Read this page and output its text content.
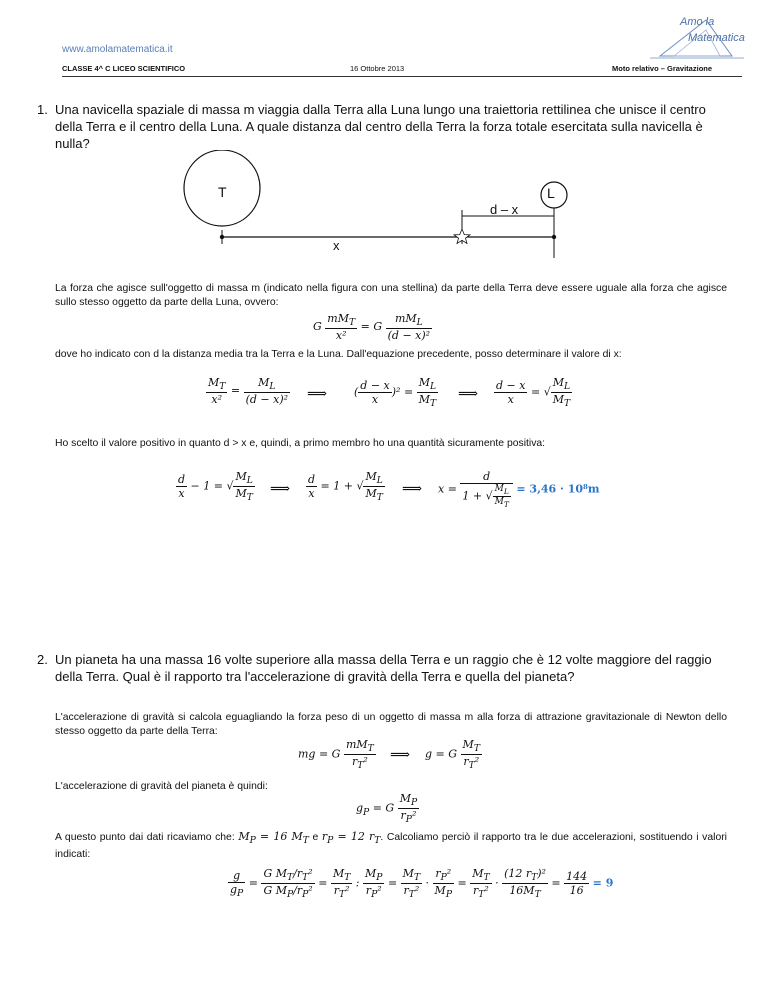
www.amolamatematica.it
CLASSE 4^ C LICEO SCIENTIFICO	16 Ottobre 2013	Moto relativo – Gravitazione
Amo la
Matematica
1. Una navicella spaziale di massa m viaggia dalla Terra alla Luna lungo una traiettoria rettilinea che unisce il centro della Terra e il centro della Luna. A quale distanza dal centro della Terra la forza totale esercitata sulla navicella è nulla?
T	L
d – x
x
La forza che agisce sull'oggetto di massa m (indicato nella figura con una stellina) da parte della Terra deve essere uguale alla forza che agisce sullo stesso oggetto da parte della Luna, ovvero:
G $\frac{mM_T}{\text{x²}} = G \frac{mM_L}{\text{(d − x)²}}$
dove ho indicato con d la distanza media tra la Terra e la Luna. Dall'equazione precedente, posso determinare il valore di x:
$\frac{M_T}{\text{x²}} = \frac{M_L}{\text{(d − x)²}}$ ⟹ ( $\frac{d - x}{x} )^2 = \frac{M_L}{M_T}$ ⟹ $\frac{d - x}{x}$ = √ $\frac{M_L}{M_T}$
Ho scelto il valore positivo in quanto d > x e, quindi, a primo membro ho una quantità sicuramente positiva:
$\frac{d}{x} - 1$ = √ $\frac{M_L}{M_T}$ ⟹ $\frac{d}{x} = 1$ + √ $\frac{M_L}{M_T}$ ⟹ $x = \frac{d}{1 + √ \frac{M_L}{M_T}} = 3,46 \cdot 10^8m$
2. Un pianeta ha una massa 16 volte superiore alla massa della Terra e un raggio che è 12 volte maggiore del raggio della Terra. Qual è il rapporto tra l'accelerazione di gravità della Terra e quella del pianeta?
L'accelerazione di gravità si calcola eguagliando la forza peso di un oggetto di massa m alla forza di attrazione gravitazionale di Newton dello stesso oggetto da parte della Terra:
mg = G $\frac{mM_T}{r_T^2}$ ⟹ g = G $\frac{M_T}{r_T^2}$
L'accelerazione di gravità del pianeta è quindi:
$g_P = G \frac{M_P}{r_P^2}$
A questo punto dai dati ricaviamo che: $M_P = 16$ $M_T$ e $r_P = 12$ $r_T$. Calcoliamo perciò il rapporto tra le due accelerazioni, sostituendo i valori indicati:
$\frac{g}{g_P} = \frac{G M_T/r_T^2}{G M_P/r_P^2} = \frac{M_T}{r_T^2}$ : $\frac{M_P}{r_P^2} = \frac{M_T}{r_T^2} \cdot \frac{r_P^2}{M_P} = \frac{M_T}{r_T^2} \cdot \frac{(12 r_T)^2}{16M_T} = \frac{144}{16} = 9$
